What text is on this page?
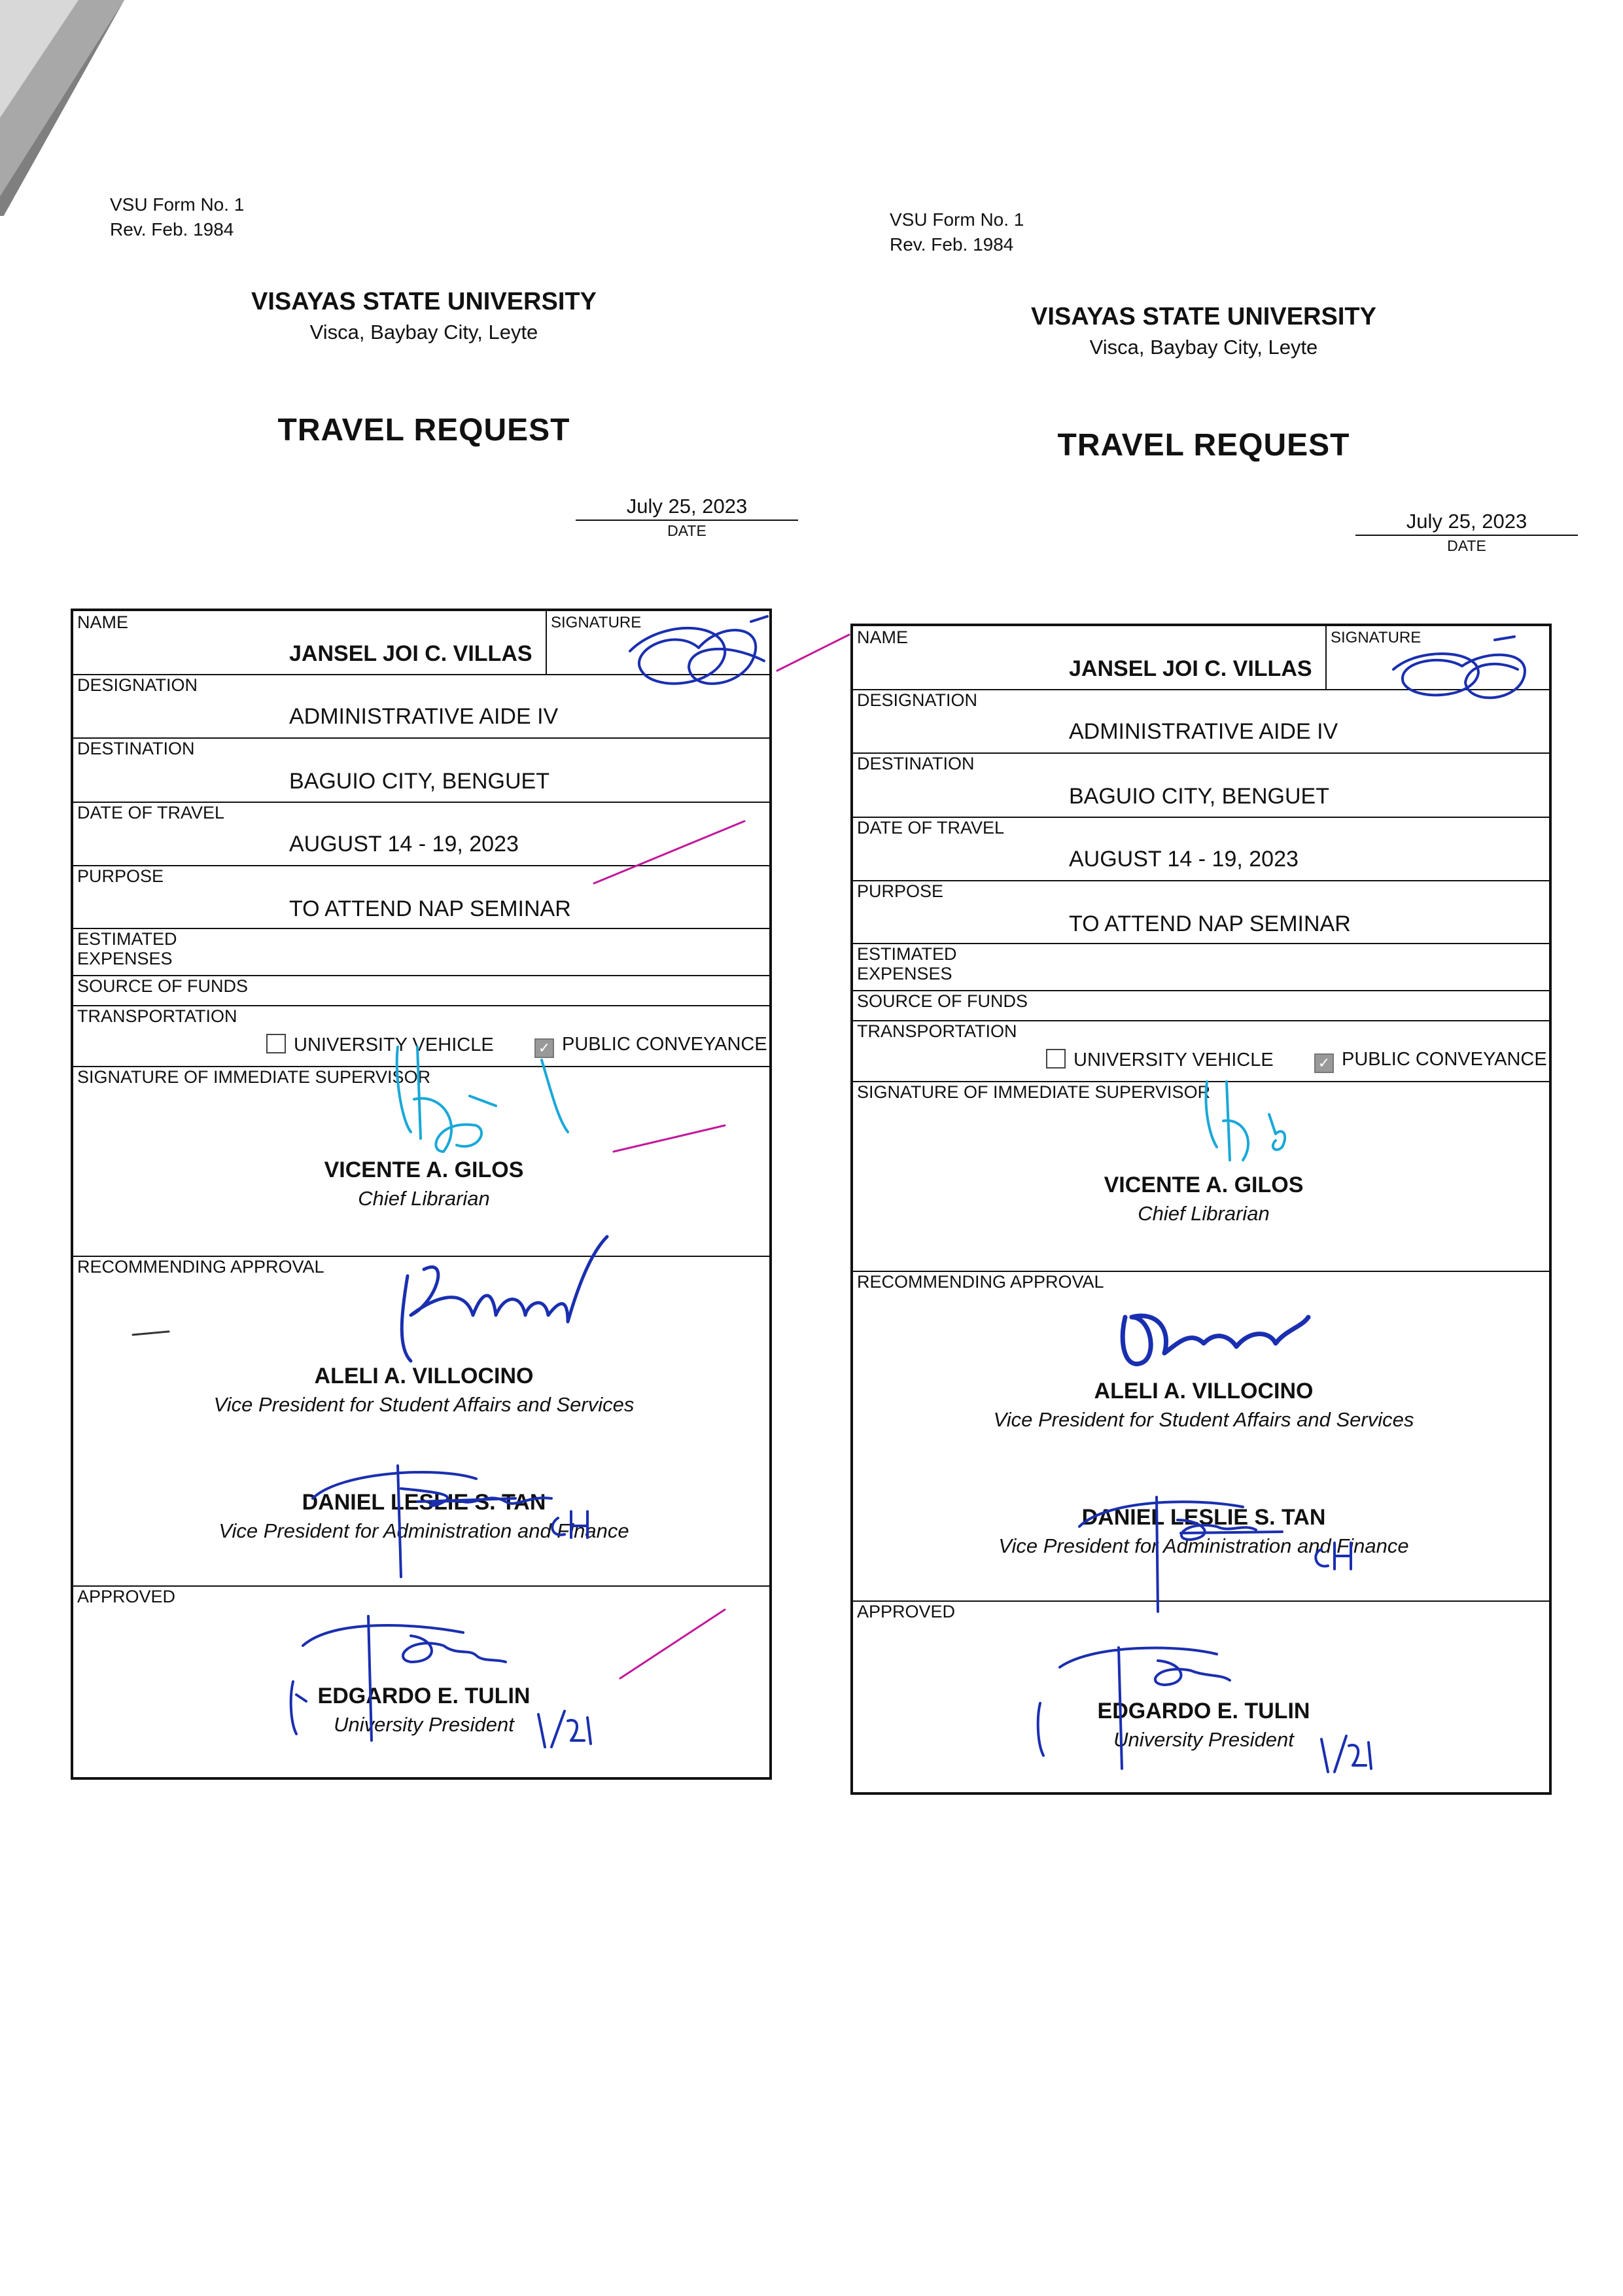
VSU Form No. 1
Rev. Feb. 1984
VISAYAS STATE UNIVERSITY
Visca, Baybay City, Leyte
TRAVEL REQUEST
July 25, 2023
DATE
NAME
JANSEL JOI C. VILLAS
SIGNATURE
DESIGNATION
ADMINISTRATIVE AIDE IV
DESTINATION
BAGUIO CITY, BENGUET
DATE OF TRAVEL
AUGUST 14 - 19, 2023
PURPOSE
TO ATTEND NAP SEMINAR
ESTIMATED
EXPENSES
SOURCE OF FUNDS
TRANSPORTATION
UNIVERSITY VEHICLE	✓ PUBLIC CONVEYANCE
SIGNATURE OF IMMEDIATE SUPERVISOR
VICENTE A. GILOS
Chief Librarian
RECOMMENDING APPROVAL
ALELI A. VILLOCINO
Vice President for Student Affairs and Services
DANIEL LESLIE S. TAN
Vice President for Administration and Finance
APPROVED
EDGARDO E. TULIN
University President
VSU Form No. 1
Rev. Feb. 1984
VISAYAS STATE UNIVERSITY
Visca, Baybay City, Leyte
TRAVEL REQUEST
July 25, 2023
DATE
NAME
JANSEL JOI C. VILLAS
SIGNATURE
DESIGNATION
ADMINISTRATIVE AIDE IV
DESTINATION
BAGUIO CITY, BENGUET
DATE OF TRAVEL
AUGUST 14 - 19, 2023
PURPOSE
TO ATTEND NAP SEMINAR
ESTIMATED
EXPENSES
SOURCE OF FUNDS
TRANSPORTATION
UNIVERSITY VEHICLE	✓ PUBLIC CONVEYANCE
SIGNATURE OF IMMEDIATE SUPERVISOR
VICENTE A. GILOS
Chief Librarian
RECOMMENDING APPROVAL
ALELI A. VILLOCINO
Vice President for Student Affairs and Services
DANIEL LESLIE S. TAN
Vice President for Administration and Finance
APPROVED
EDGARDO E. TULIN
University President
